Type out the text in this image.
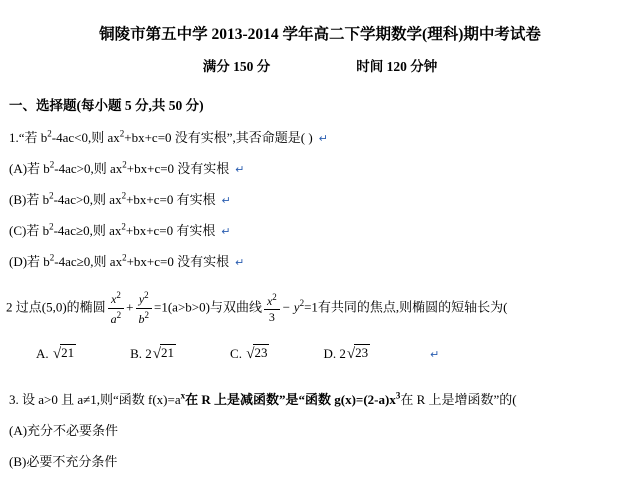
铜陵市第五中学 2013-2014 学年高二下学期数学(理科)期中考试卷
满分 150 分	时间 120 分钟
一、选择题(每小题 5 分,共 50 分)
1.“若 $b^2-4ac<0$,则 $ax^2+bx+c=0$ 没有实根”,其否命题是( ) ↵
(A)若 $b^2-4ac>0$,则 $ax^2+bx+c=0$ 没有实根 ↵
(B)若 $b^2-4ac>0$,则 $ax^2+bx+c=0$ 有实根 ↵
(C)若 $b^2-4ac\ge 0$,则 $ax^2+bx+c=0$ 有实根 ↵
(D)若 $b^2-4ac\ge 0$,则 $ax^2+bx+c=0$ 没有实根 ↵
2 过点(5,0)的椭圆 $\frac{x^2}{a^2} + \frac{y^2}{b^2} =1(a>b>0)$与双曲线 $\frac{x^2}{3} - y^2=1$有共同的焦点,则椭圆的短轴长为(
A. √21	B. 2√21	C. √23	D. 2√23	↵
3. 设 a>0 且 a≠1,则“函数 $f(x)=a^x$在 R 上是减函数”是“函数 $g(x)=(2-a)x^3$在 R 上是增函数”的(
(A)充分不必要条件
(B)必要不充分条件
